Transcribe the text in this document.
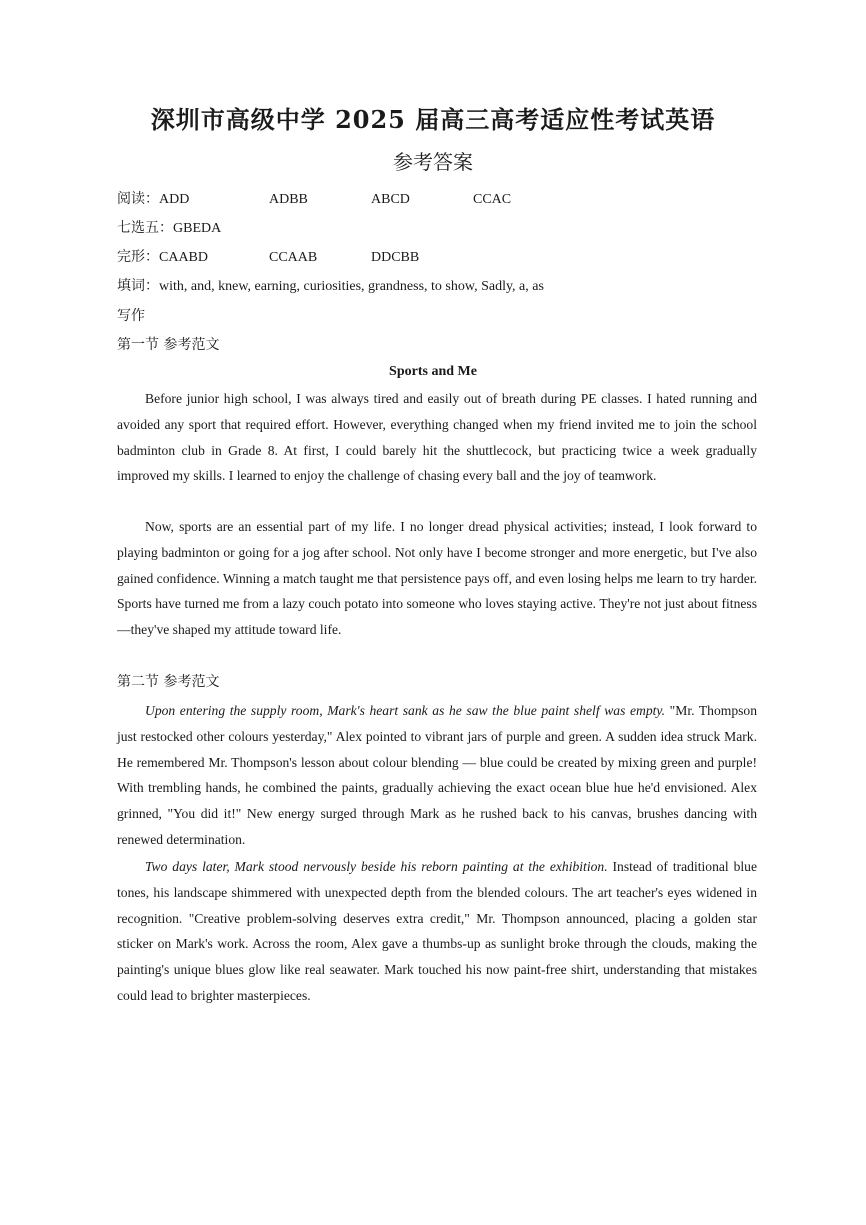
深圳市高级中学 2025 届高三高考适应性考试英语
参考答案
阅读：ADD	ADBB	ABCD	CCAC
七选五：GBEDA
完形：CAABD	CCAAB	DDCBB
填词：with, and, knew, earning, curiosities, grandness, to show, Sadly, a, as
写作
第一节 参考范文
Sports and Me

Before junior high school, I was always tired and easily out of breath during PE classes. I hated running and avoided any sport that required effort. However, everything changed when my friend invited me to join the school badminton club in Grade 8. At first, I could barely hit the shuttlecock, but practicing twice a week gradually improved my skills. I learned to enjoy the challenge of chasing every ball and the joy of teamwork.

Now, sports are an essential part of my life. I no longer dread physical activities; instead, I look forward to playing badminton or going for a jog after school. Not only have I become stronger and more energetic, but I've also gained confidence. Winning a match taught me that persistence pays off, and even losing helps me learn to try harder. Sports have turned me from a lazy couch potato into someone who loves staying active. They're not just about fitness—they've shaped my attitude toward life.

第二节 参考范文

Upon entering the supply room, Mark's heart sank as he saw the blue paint shelf was empty. "Mr. Thompson just restocked other colours yesterday," Alex pointed to vibrant jars of purple and green. A sudden idea struck Mark. He remembered Mr. Thompson's lesson about colour blending — blue could be created by mixing green and purple! With trembling hands, he combined the paints, gradually achieving the exact ocean blue hue he'd envisioned. Alex grinned, "You did it!" New energy surged through Mark as he rushed back to his canvas, brushes dancing with renewed determination.

Two days later, Mark stood nervously beside his reborn painting at the exhibition. Instead of traditional blue tones, his landscape shimmered with unexpected depth from the blended colours. The art teacher's eyes widened in recognition. "Creative problem-solving deserves extra credit," Mr. Thompson announced, placing a golden star sticker on Mark's work. Across the room, Alex gave a thumbs-up as sunlight broke through the clouds, making the painting's unique blues glow like real seawater. Mark touched his now paint-free shirt, understanding that mistakes could lead to brighter masterpieces.
